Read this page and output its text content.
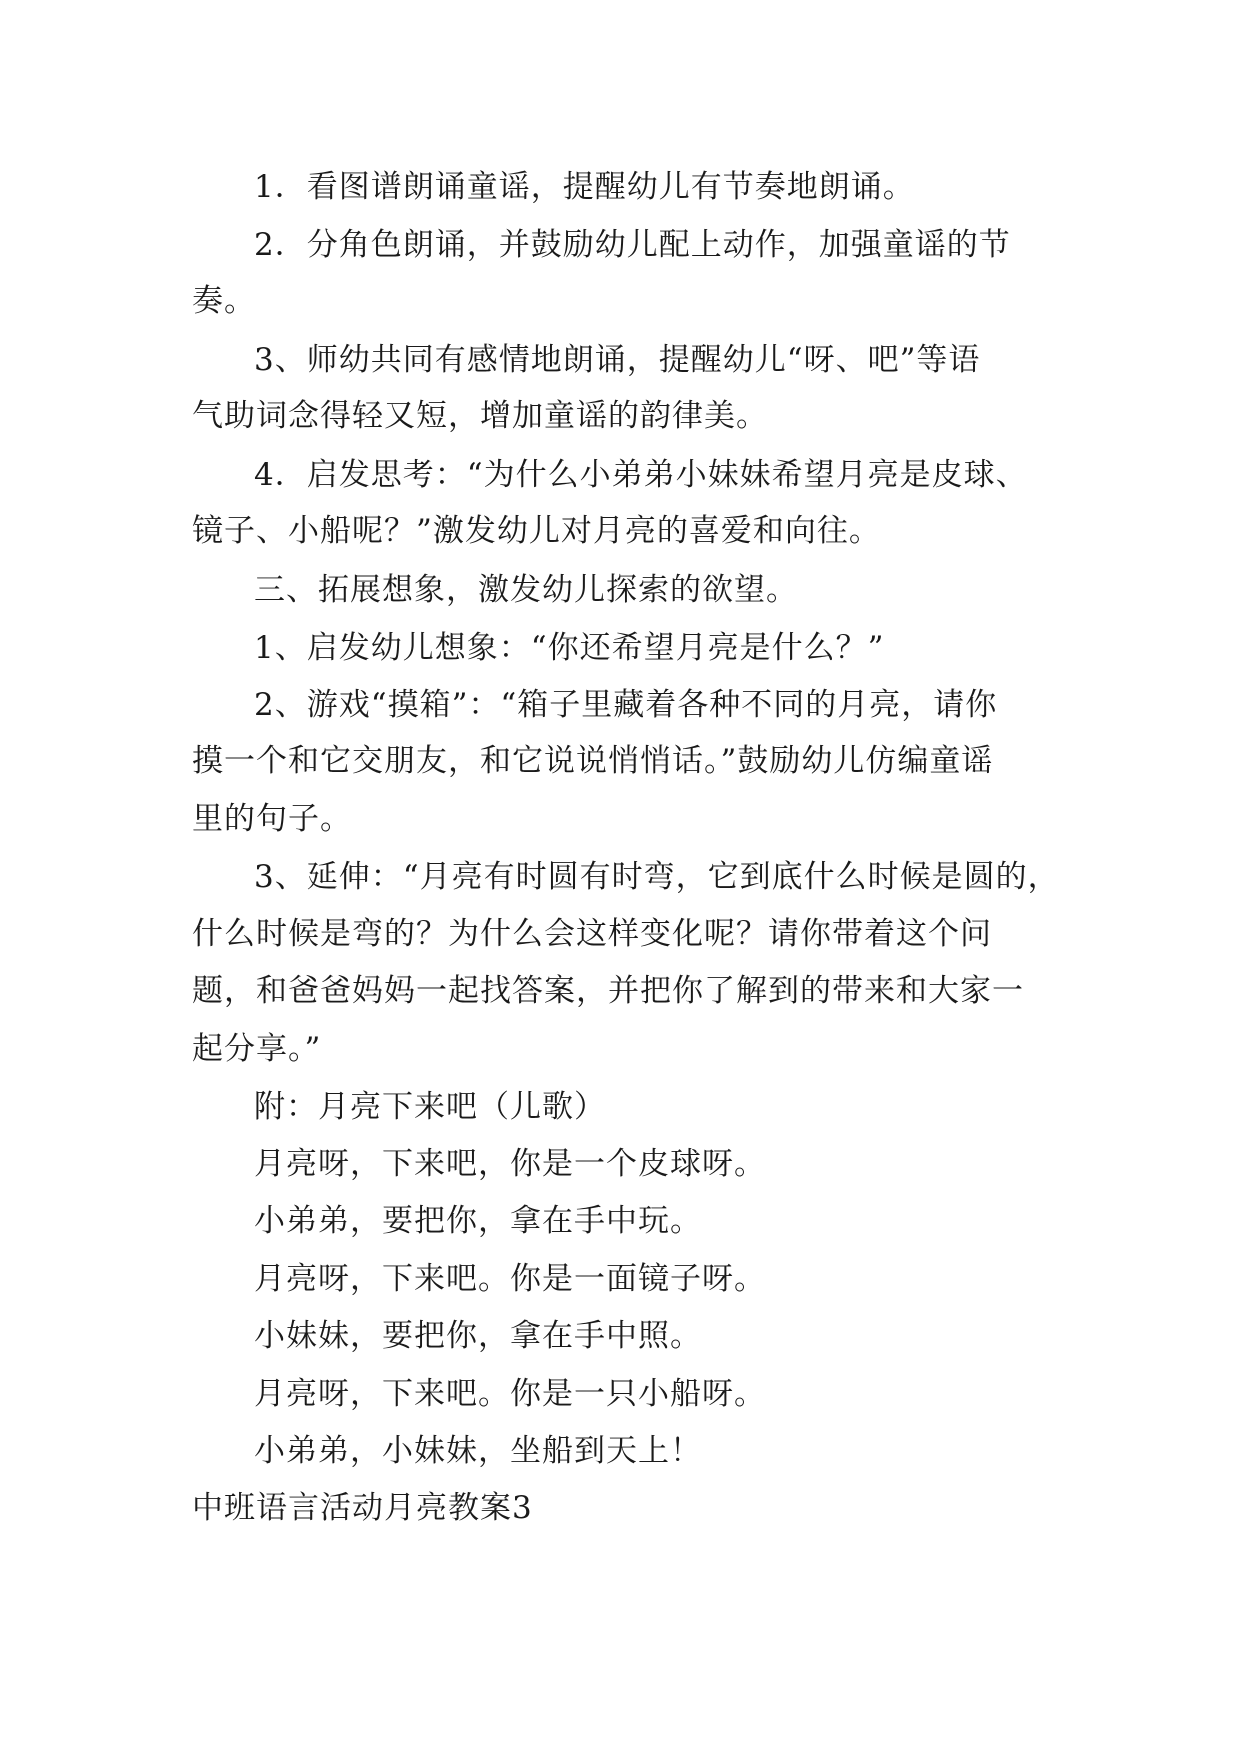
1．看图谱朗诵童谣，提醒幼儿有节奏地朗诵。
2．分角色朗诵，并鼓励幼儿配上动作，加强童谣的节
奏。
3、师幼共同有感情地朗诵，提醒幼儿“呀、吧”等语
气助词念得轻又短，增加童谣的韵律美。
4．启发思考：“为什么小弟弟小妹妹希望月亮是皮球、
镜子、小船呢？”激发幼儿对月亮的喜爱和向往。
三、拓展想象，激发幼儿探索的欲望。
1、启发幼儿想象：“你还希望月亮是什么？”
2、游戏“摸箱”：“箱子里藏着各种不同的月亮，请你
摸一个和它交朋友，和它说说悄悄话。”鼓励幼儿仿编童谣
里的句子。
3、延伸：“月亮有时圆有时弯，它到底什么时候是圆的，
什么时候是弯的？为什么会这样变化呢？请你带着这个问
题，和爸爸妈妈一起找答案，并把你了解到的带来和大家一
起分享。”
附：月亮下来吧（儿歌）
月亮呀，下来吧，你是一个皮球呀。
小弟弟，要把你，拿在手中玩。
月亮呀，下来吧。你是一面镜子呀。
小妹妹，要把你，拿在手中照。
月亮呀，下来吧。你是一只小船呀。
小弟弟，小妹妹，坐船到天上！
中班语言活动月亮教案3
